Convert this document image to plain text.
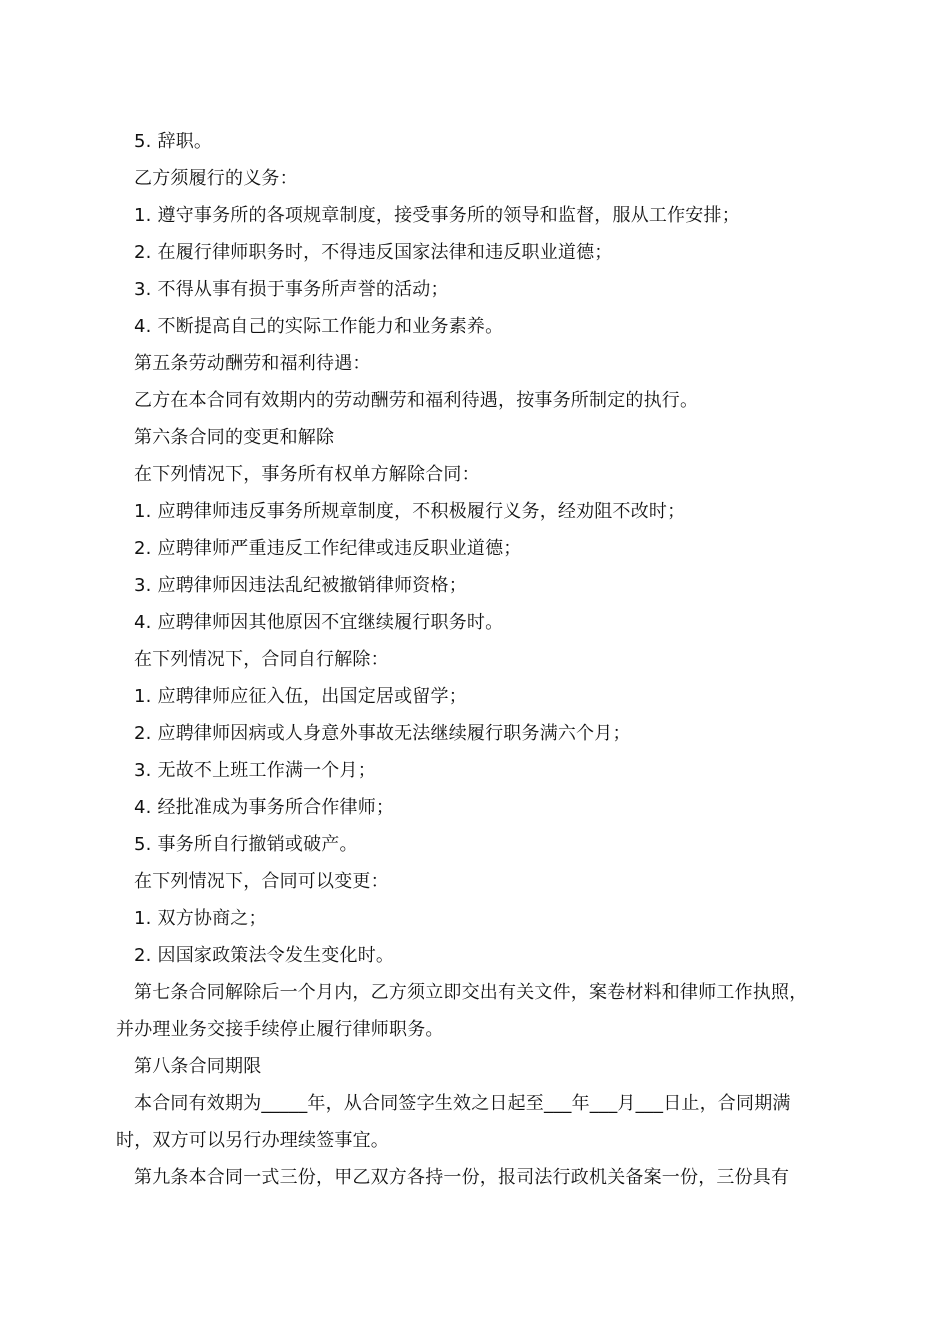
5. 辞职。
乙方须履行的义务：
1. 遵守事务所的各项规章制度，接受事务所的领导和监督，服从工作安排；
2. 在履行律师职务时，不得违反国家法律和违反职业道德；
3. 不得从事有损于事务所声誉的活动；
4. 不断提高自己的实际工作能力和业务素养。
第五条劳动酬劳和福利待遇：
乙方在本合同有效期内的劳动酬劳和福利待遇，按事务所制定的执行。
第六条合同的变更和解除
在下列情况下，事务所有权单方解除合同：
1. 应聘律师违反事务所规章制度，不积极履行义务，经劝阻不改时；
2. 应聘律师严重违反工作纪律或违反职业道德；
3. 应聘律师因违法乱纪被撤销律师资格；
4. 应聘律师因其他原因不宜继续履行职务时。
在下列情况下，合同自行解除：
1. 应聘律师应征入伍，出国定居或留学；
2. 应聘律师因病或人身意外事故无法继续履行职务满六个月；
3. 无故不上班工作满一个月；
4. 经批准成为事务所合作律师；
5. 事务所自行撤销或破产。
在下列情况下，合同可以变更：
1. 双方协商之；
2. 因国家政策法令发生变化时。
第七条合同解除后一个月内，乙方须立即交出有关文件，案卷材料和律师工作执照，
并办理业务交接手续停止履行律师职务。
第八条合同期限
本合同有效期为_____年，从合同签字生效之日起至___年___月___日止，合同期满
时，双方可以另行办理续签事宜。
第九条本合同一式三份，甲乙双方各持一份，报司法行政机关备案一份，三份具有
